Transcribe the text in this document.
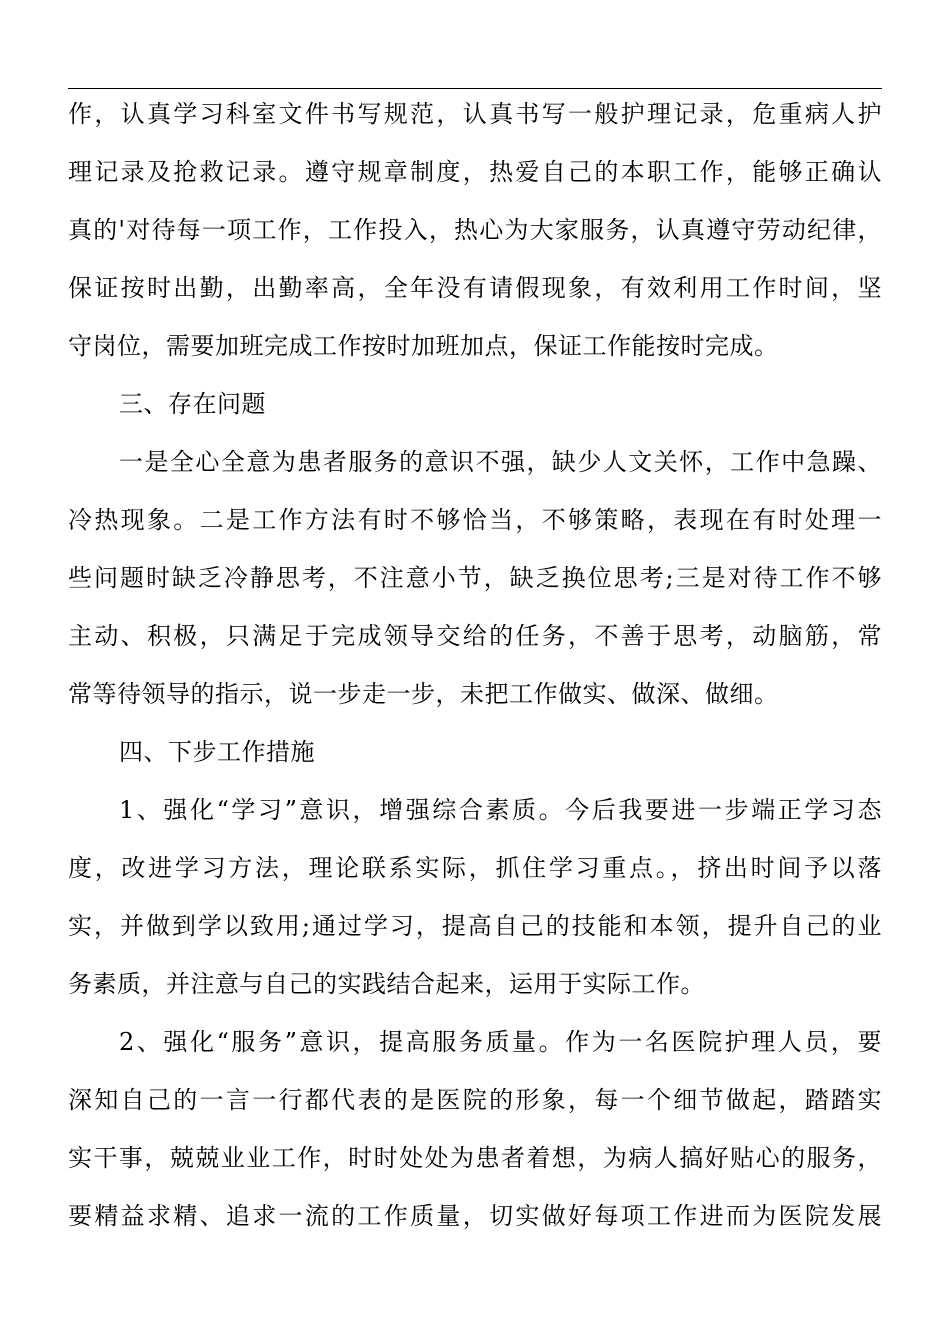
作，认真学习科室文件书写规范，认真书写一般护理记录，危重病人护
理记录及抢救记录。遵守规章制度，热爱自己的本职工作，能够正确认
真的'对待每一项工作，工作投入，热心为大家服务，认真遵守劳动纪律，
保证按时出勤，出勤率高，全年没有请假现象，有效利用工作时间，坚
守岗位，需要加班完成工作按时加班加点，保证工作能按时完成。
三、存在问题
一是全心全意为患者服务的意识不强，缺少人文关怀，工作中急躁、
冷热现象。二是工作方法有时不够恰当，不够策略，表现在有时处理一
些问题时缺乏冷静思考，不注意小节，缺乏换位思考;三是对待工作不够
主动、积极，只满足于完成领导交给的任务，不善于思考，动脑筋，常
常等待领导的指示，说一步走一步，未把工作做实、做深、做细。
四、下步工作措施
1、强化“学习”意识，增强综合素质。今后我要进一步端正学习态
度，改进学习方法，理论联系实际，抓住学习重点。，挤出时间予以落
实，并做到学以致用;通过学习，提高自己的技能和本领，提升自己的业
务素质，并注意与自己的实践结合起来，运用于实际工作。
2、强化“服务”意识，提高服务质量。作为一名医院护理人员，要
深知自己的一言一行都代表的是医院的形象，每一个细节做起，踏踏实
实干事，兢兢业业工作，时时处处为患者着想，为病人搞好贴心的服务，
要精益求精、追求一流的工作质量，切实做好每项工作进而为医院发展
